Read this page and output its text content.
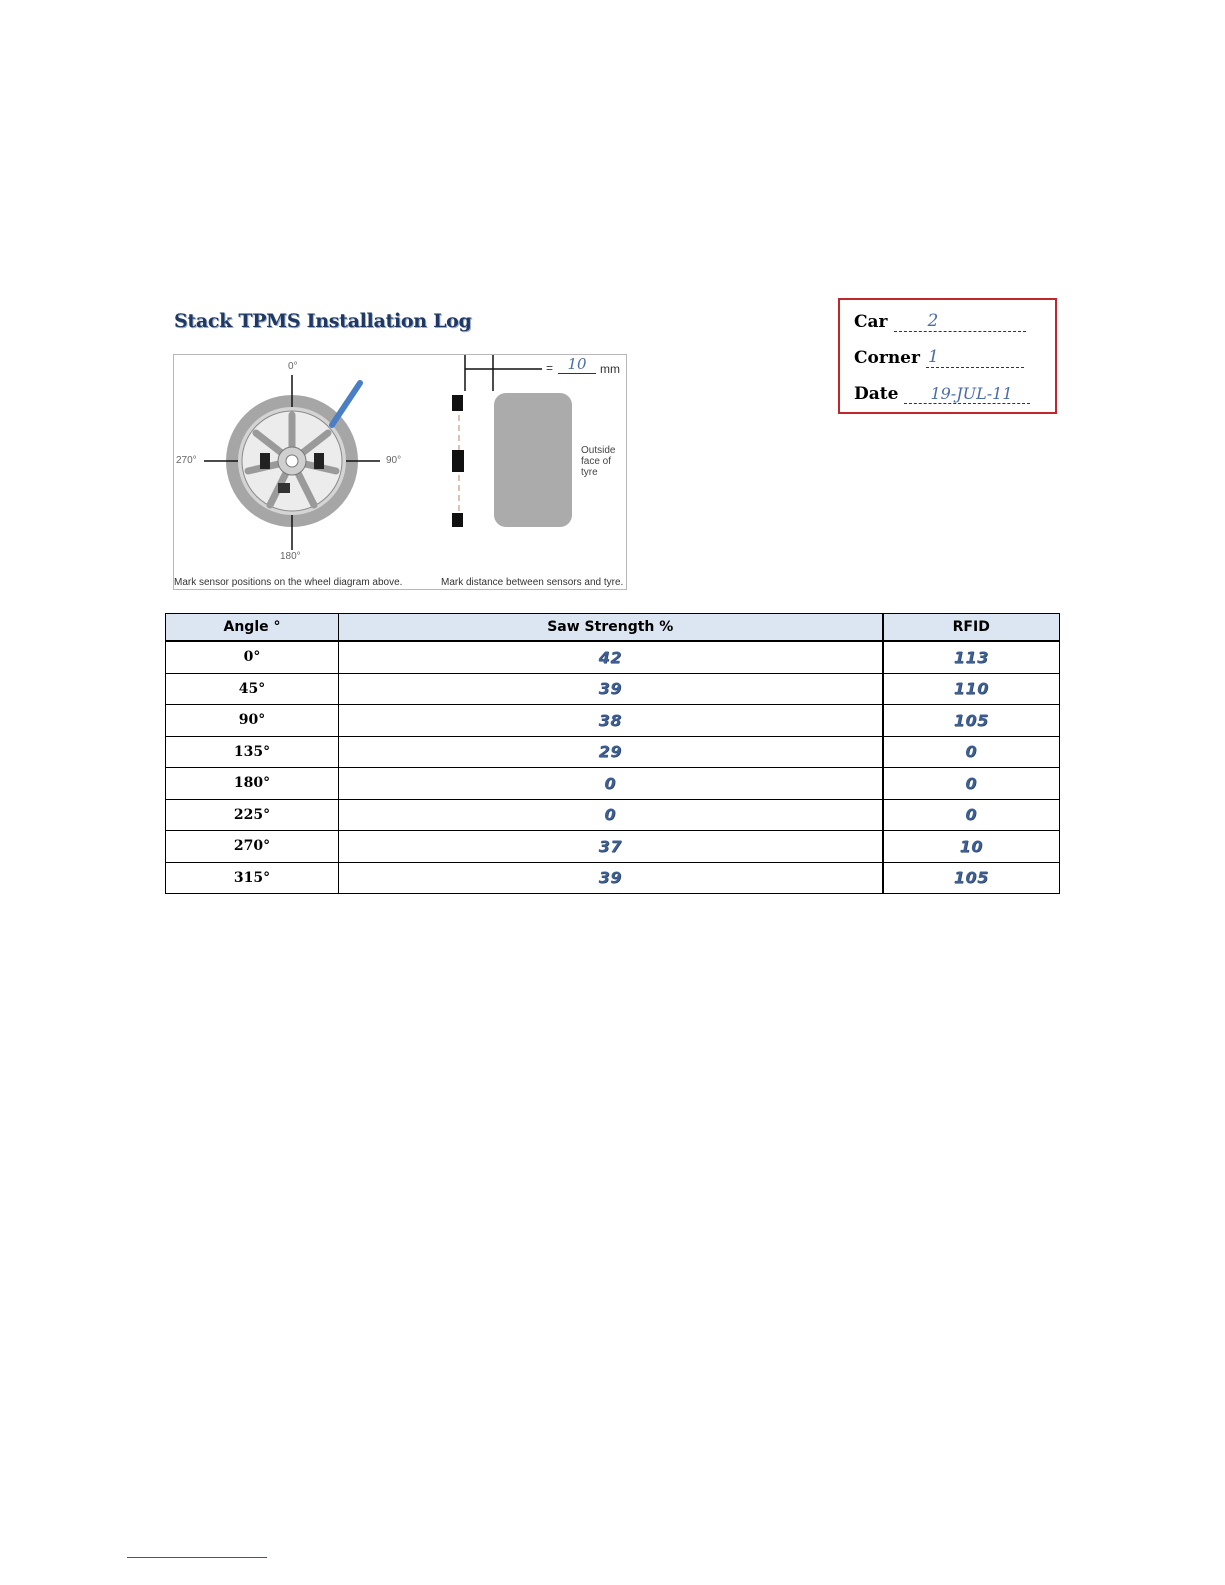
Stack TPMS Installation Log	Car 2
Corner 1
Date 19-JUL-11
0°
90°
180°
270°
= 10	mm
Outside face of tyre
Mark sensor positions on the wheel diagram above.	Mark distance between sensors and tyre.
Angle °	Saw Strength %	RFID
0°	42	113
45°	39	110
90°	38	105
135°	29	0
180°	0	0
225°	0	0
270°	37	10
315°	39	105
